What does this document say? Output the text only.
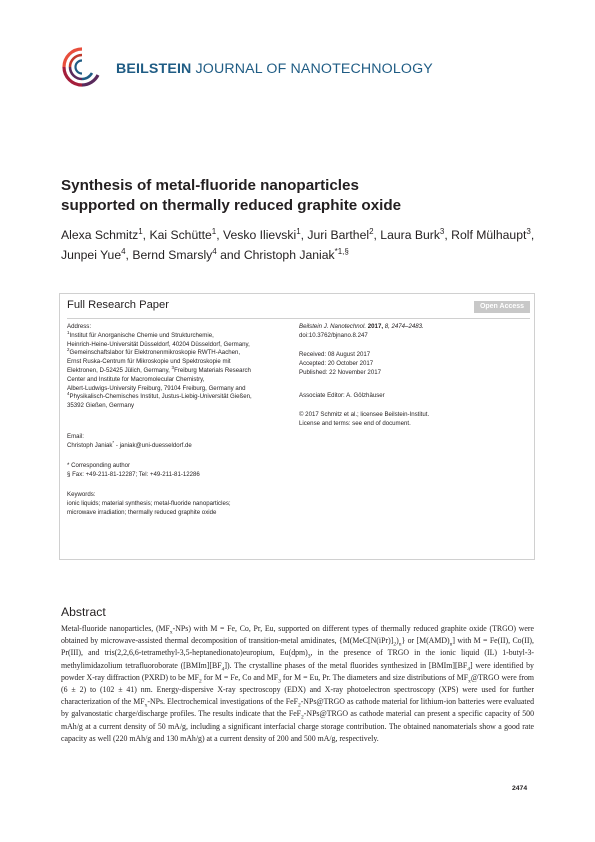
BEILSTEIN JOURNAL OF NANOTECHNOLOGY
Synthesis of metal-fluoride nanoparticles
supported on thermally reduced graphite oxide
Alexa Schmitz$^1$, Kai Schütte$^1$, Vesko Ilievski$^1$, Juri Barthel$^2$, Laura Burk$^3$, Rolf Mülhaupt$^3$,
Junpei Yue$^4$, Bernd Smarsly$^4$ and Christoph Janiak$^{*1,\S}$
Full Research Paper	Open Access
Address:
$^1$Institut für Anorganische Chemie und Strukturchemie,
Heinrich-Heine-Universität Düsseldorf, 40204 Düsseldorf, Germany,
$^2$Gemeinschaftslabor für Elektronenmikroskopie RWTH-Aachen,
Ernst Ruska-Centrum für Mikroskopie und Spektroskopie mit
Elektronen, D-52425 Jülich, Germany, $^3$Freiburg Materials Research
Center and Institute for Macromolecular Chemistry,
Albert-Ludwigs-University Freiburg, 79104 Freiburg, Germany and
$^4$Physikalisch-Chemisches Institut, Justus-Liebig-Universität Gießen,
35392 Gießen, Germany
Email:
Christoph Janiak* - janiak@uni-duesseldorf.de
* Corresponding author
§ Fax: +49-211-81-12287; Tel: +49-211-81-12286
Keywords:
ionic liquids; material synthesis; metal-fluoride nanoparticles;
microwave irradiation; thermally reduced graphite oxide
Beilstein J. Nanotechnol. 2017, 8, 2474–2483.
doi:10.3762/bjnano.8.247
Received: 08 August 2017
Accepted: 20 October 2017
Published: 22 November 2017
Associate Editor: A. Gölzhäuser
© 2017 Schmitz et al.; licensee Beilstein-Institut.
License and terms: see end of document.
Abstract
Metal-fluoride nanoparticles, $(MF_x-NPs)$ with M = Fe, Co, Pr, Eu, supported on different types of thermally reduced graphite oxide (TRGO) were obtained by microwave-assisted thermal decomposition of transition-metal amidinates, $\{M(MeC[N(iPr)]_2)_n\}$ or $[M(AMD)_n]$ with M = Fe(II), Co(II), Pr(III), and tris(2,2,6,6-tetramethyl-3,5-heptanedionato)europium, $Eu(dpm)_3$, in the presence of TRGO in the ionic liquid (IL) 1-butyl-3-methylimidazolium tetrafluoroborate $([BMIm][BF_4])$. The crystalline phases of the metal fluorides synthesized in $[BMIm][BF_4]$ were identified by powder X-ray diffraction (PXRD) to be $MF_2$ for M = Fe, Co and $MF_3$ for M = Eu, Pr. The diameters and size distributions of $MF_x@TRGO$ were from (6 ± 2) to (102 ± 41) nm. Energy-dispersive X-ray spectroscopy (EDX) and X-ray photoelectron spectroscopy (XPS) were used for further characterization of the $MF_x$-NPs. Electrochemical investigations of the FeF$_2$-NPs@TRGO as cathode material for lithium-ion batteries were evaluated by galvanostatic charge/discharge profiles. The results indicate that the FeF$_2$-NPs@TRGO as cathode material can present a specific capacity of 500 mAh/g at a current density of 50 mA/g, including a significant interfacial charge storage contribution. The obtained nanomaterials show a good rate capacity as well (220 mAh/g and 130 mAh/g) at a current density of 200 and 500 mA/g, respectively.
2474
